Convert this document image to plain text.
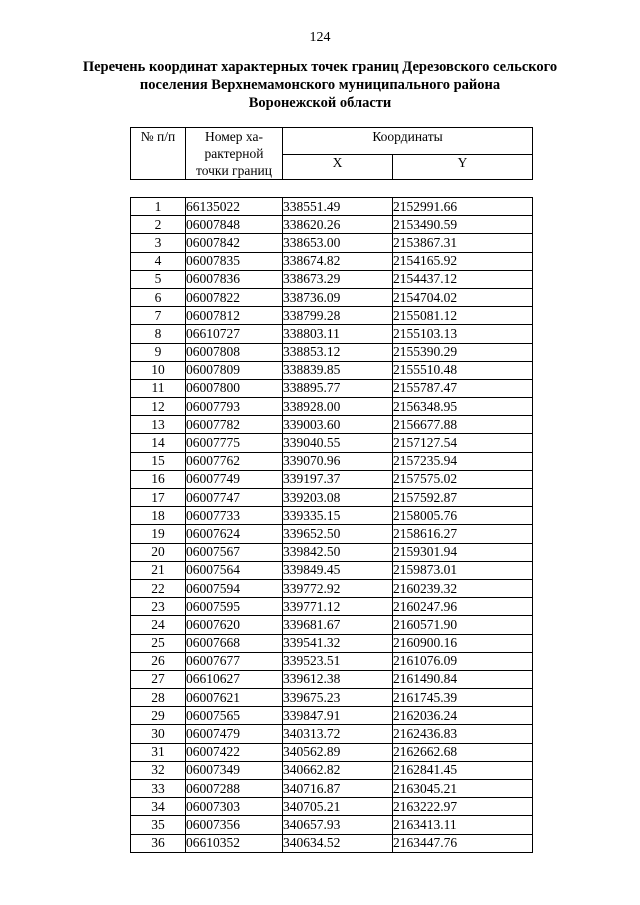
124
Перечень координат характерных точек границ Дерезовского сельского
поселения Верхнемамонского муниципального района
Воронежской области
№ п/п	Номер ха-
рактерной
точки границ	Координаты	
		X	Y

1	66135022	338551.49	2152991.66
2	06007848	338620.26	2153490.59
3	06007842	338653.00	2153867.31
4	06007835	338674.82	2154165.92
5	06007836	338673.29	2154437.12
6	06007822	338736.09	2154704.02
7	06007812	338799.28	2155081.12
8	06610727	338803.11	2155103.13
9	06007808	338853.12	2155390.29
10	06007809	338839.85	2155510.48
11	06007800	338895.77	2155787.47
12	06007793	338928.00	2156348.95
13	06007782	339003.60	2156677.88
14	06007775	339040.55	2157127.54
15	06007762	339070.96	2157235.94
16	06007749	339197.37	2157575.02
17	06007747	339203.08	2157592.87
18	06007733	339335.15	2158005.76
19	06007624	339652.50	2158616.27
20	06007567	339842.50	2159301.94
21	06007564	339849.45	2159873.01
22	06007594	339772.92	2160239.32
23	06007595	339771.12	2160247.96
24	06007620	339681.67	2160571.90
25	06007668	339541.32	2160900.16
26	06007677	339523.51	2161076.09
27	06610627	339612.38	2161490.84
28	06007621	339675.23	2161745.39
29	06007565	339847.91	2162036.24
30	06007479	340313.72	2162436.83
31	06007422	340562.89	2162662.68
32	06007349	340662.82	2162841.45
33	06007288	340716.87	2163045.21
34	06007303	340705.21	2163222.97
35	06007356	340657.93	2163413.11
36	06610352	340634.52	2163447.76
